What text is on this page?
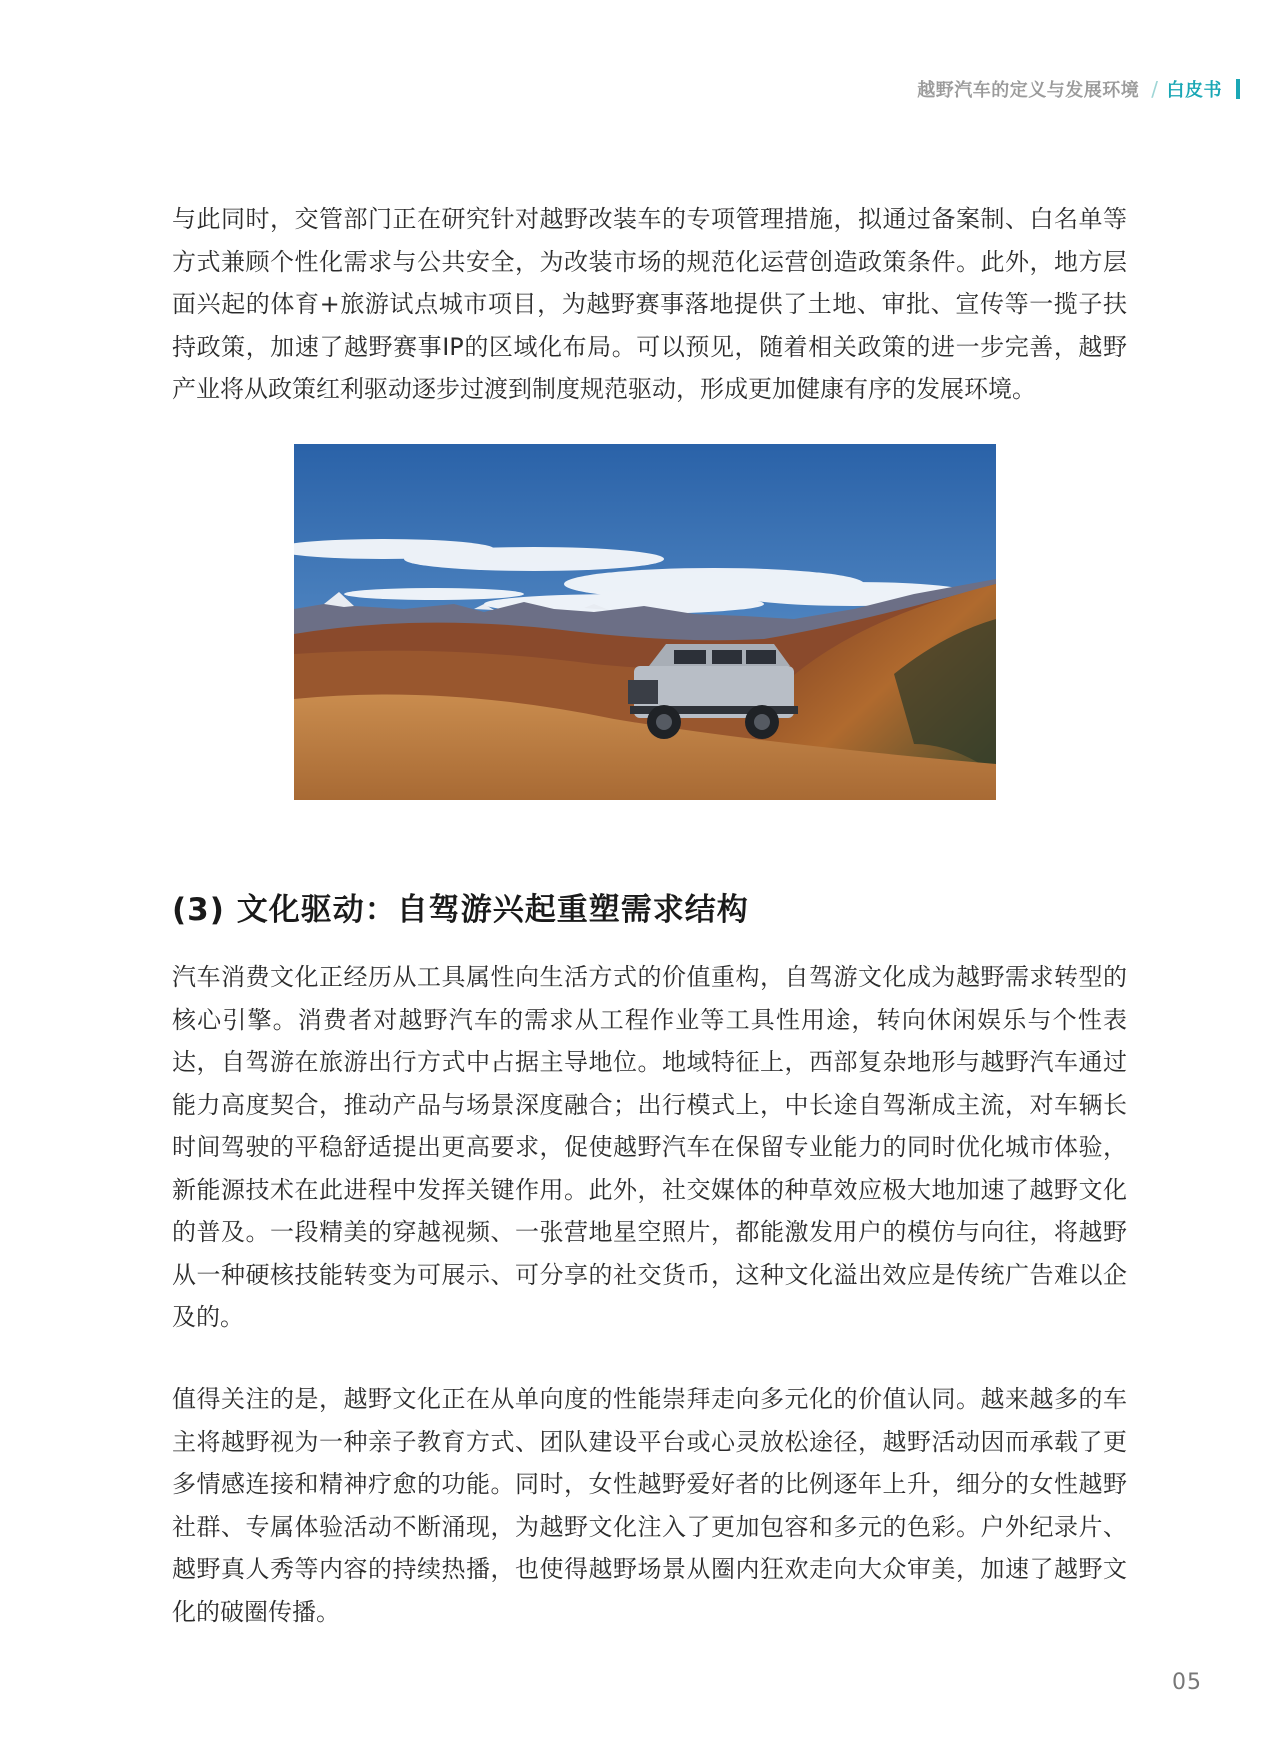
越野汽车的定义与发展环境 / 白皮书

与此同时，交管部门正在研究针对越野改装车的专项管理措施，拟通过备案制、白名单等方式兼顾个性化需求与公共安全，为改装市场的规范化运营创造政策条件。此外，地方层面兴起的体育+旅游试点城市项目，为越野赛事落地提供了土地、审批、宣传等一揽子扶持政策，加速了越野赛事IP的区域化布局。可以预见，随着相关政策的进一步完善，越野产业将从政策红利驱动逐步过渡到制度规范驱动，形成更加健康有序的发展环境。

(3) 文化驱动：自驾游兴起重塑需求结构

汽车消费文化正经历从工具属性向生活方式的价值重构，自驾游文化成为越野需求转型的核心引擎。消费者对越野汽车的需求从工程作业等工具性用途，转向休闲娱乐与个性表达，自驾游在旅游出行方式中占据主导地位。地域特征上，西部复杂地形与越野汽车通过能力高度契合，推动产品与场景深度融合；出行模式上，中长途自驾渐成主流，对车辆长时间驾驶的平稳舒适提出更高要求，促使越野汽车在保留专业能力的同时优化城市体验，新能源技术在此进程中发挥关键作用。此外，社交媒体的种草效应极大地加速了越野文化的普及。一段精美的穿越视频、一张营地星空照片，都能激发用户的模仿与向往，将越野从一种硬核技能转变为可展示、可分享的社交货币，这种文化溢出效应是传统广告难以企及的。

值得关注的是，越野文化正在从单向度的性能崇拜走向多元化的价值认同。越来越多的车主将越野视为一种亲子教育方式、团队建设平台或心灵放松途径，越野活动因而承载了更多情感连接和精神疗愈的功能。同时，女性越野爱好者的比例逐年上升，细分的女性越野社群、专属体验活动不断涌现，为越野文化注入了更加包容和多元的色彩。户外纪录片、越野真人秀等内容的持续热播，也使得越野场景从圈内狂欢走向大众审美，加速了越野文化的破圈传播。

05
